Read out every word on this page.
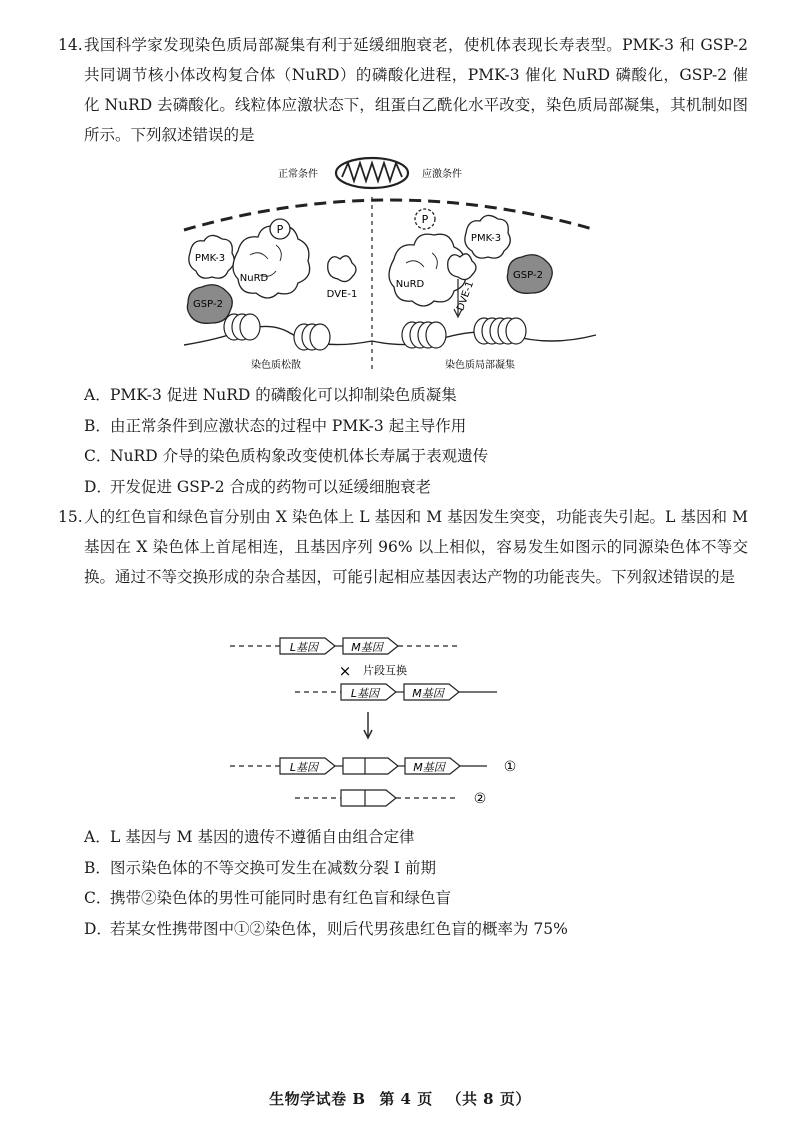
14. 我国科学家发现染色质局部凝集有利于延缓细胞衰老，使机体表现长寿表型。PMK-3 和 GSP-2 共同调节核小体改构复合体（NuRD）的磷酸化进程，PMK-3 催化 NuRD 磷酸化，GSP-2 催化 NuRD 去磷酸化。线粒体应激状态下，组蛋白乙酰化水平改变，染色质局部凝集，其机制如图所示。下列叙述错误的是

正常条件	应激条件
PMK-3
GSP-2
NuRD
P
DVE-1
染色质松散
P
NuRD
PMK-3
DVE-1
GSP-2
染色质局部凝集
A．PMK-3 促进 NuRD 的磷酸化可以抑制染色质凝集
B．由正常条件到应激状态的过程中 PMK-3 起主导作用
C．NuRD 介导的染色质构象改变使机体长寿属于表观遗传
D．开发促进 GSP-2 合成的药物可以延缓细胞衰老
15. 人的红色盲和绿色盲分别由 X 染色体上 L 基因和 M 基因发生突变，功能丧失引起。L 基因和 M 基因在 X 染色体上首尾相连，且基因序列 96% 以上相似，容易发生如图示的同源染色体不等交换。通过不等交换形成的杂合基因，可能引起相应基因表达产物的功能丧失。下列叙述错误的是

L基因	M基因
× 片段互换
L基因	M基因
L基因	M基因	①
②
A．L 基因与 M 基因的遗传不遵循自由组合定律
B．图示染色体的不等交换可发生在减数分裂 I 前期
C．携带②染色体的男性可能同时患有红色盲和绿色盲
D．若某女性携带图中①②染色体，则后代男孩患红色盲的概率为 75%
生物学试卷 B 第 4 页 （共 8 页）
